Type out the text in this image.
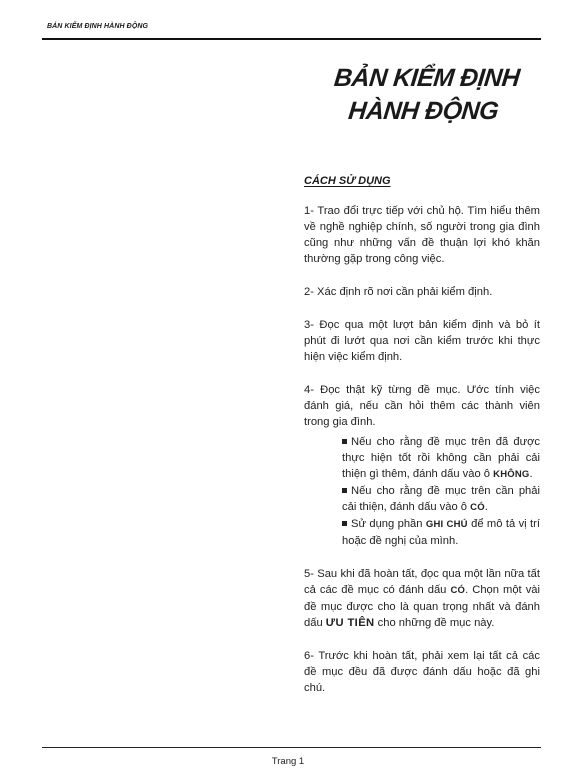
BẢN KIỂM ĐỊNH HÀNH ĐỘNG
BẢN KIỂM ĐỊNH
HÀNH ĐỘNG
CÁCH SỬ DỤNG

1- Trao đổi trực tiếp với chủ hộ. Tìm hiểu thêm về nghề nghiệp chính, số người trong gia đình cũng như những vấn đề thuận lợi khó khăn thường gặp trong công việc.

2- Xác định rõ nơi cần phải kiểm định.

3- Đọc qua một lượt bản kiểm định và bỏ ít phút đi lướt qua nơi cần kiểm trước khi thực hiện việc kiểm định.

4- Đọc thật kỹ từng đề mục. Ước tính việc đánh giá, nếu cần hỏi thêm các thành viên trong gia đình.

Nếu cho rằng đề mục trên đã được thực hiện tốt rồi không cần phải cải thiện gì thêm, đánh dấu vào ô KHÔNG.
Nếu cho rằng đề mục trên cần phải cải thiện, đánh dấu vào ô CÓ.
Sử dụng phần GHI CHÚ để mô tả vị trí hoặc đề nghị của mình.

5- Sau khi đã hoàn tất, đọc qua một lần nữa tất cả các đề mục có đánh dấu CÓ. Chọn một vài đề mục được cho là quan trọng nhất và đánh dấu ƯU TIÊN cho những đề mục này.

6- Trước khi hoàn tất, phải xem lại tất cả các đề mục đều đã được đánh dấu hoặc đã ghi chú.

Trang 1
